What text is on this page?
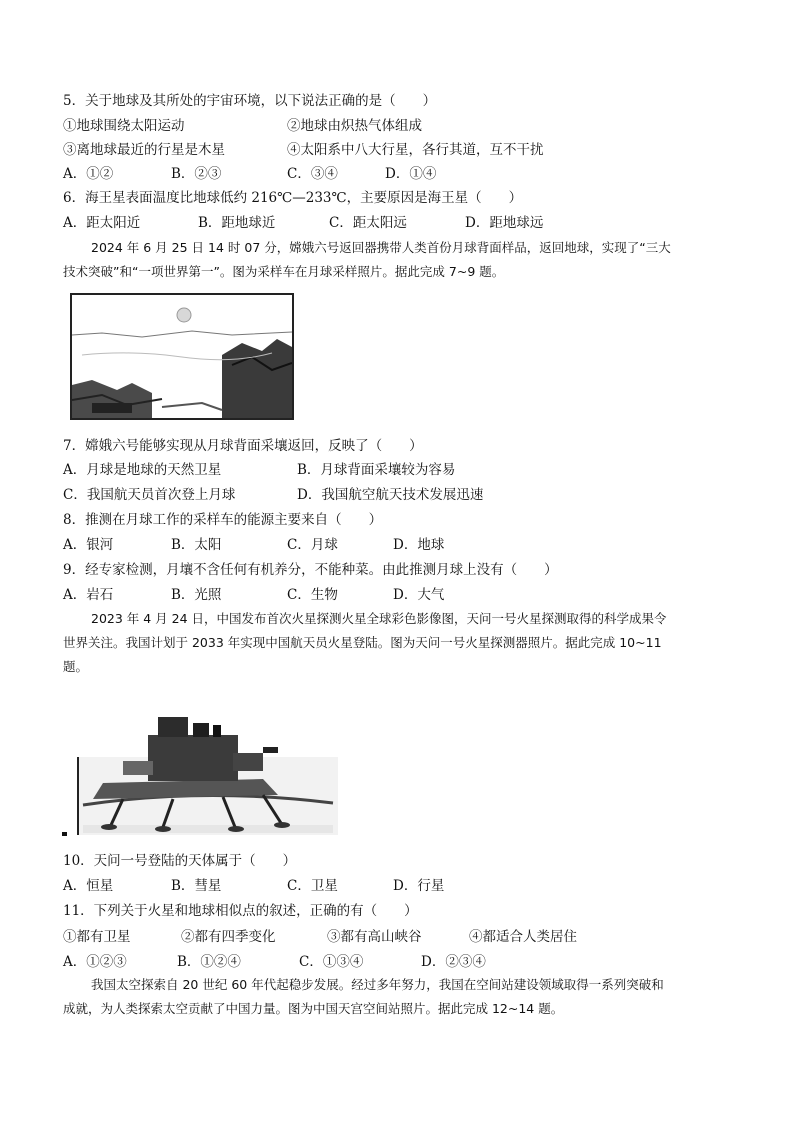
5．关于地球及其所处的宇宙环境，以下说法正确的是（　　）
①地球围绕太阳运动	②地球由炽热气体组成
③离地球最近的行星是木星	④太阳系中八大行星，各行其道，互不干扰
A．①②	B．②③	C．③④	D．①④
6．海王星表面温度比地球低约 216℃—233℃，主要原因是海王星（　　）
A．距太阳近	B．距地球近	C．距太阳远	D．距地球远
2024 年 6 月 25 日 14 时 07 分，嫦娥六号返回器携带人类首份月球背面样品，返回地球，实现了“三大
技术突破”和“一项世界第一”。图为采样车在月球采样照片。据此完成 7~9 题。
7．嫦娥六号能够实现从月球背面采壤返回，反映了（　　）
A．月球是地球的天然卫星	B．月球背面采壤较为容易
C．我国航天员首次登上月球	D．我国航空航天技术发展迅速
8．推测在月球工作的采样车的能源主要来自（　　）
A．银河	B．太阳	C．月球	D．地球
9．经专家检测，月壤不含任何有机养分，不能种菜。由此推测月球上没有（　　）
A．岩石	B．光照	C．生物	D．大气
2023 年 4 月 24 日，中国发布首次火星探测火星全球彩色影像图，天问一号火星探测取得的科学成果令
世界关注。我国计划于 2033 年实现中国航天员火星登陆。图为天问一号火星探测器照片。据此完成 10~11
题。
10．天问一号登陆的天体属于（　　）
A．恒星	B．彗星	C．卫星	D．行星
11．下列关于火星和地球相似点的叙述，正确的有（　　）
①都有卫星	②都有四季变化	③都有高山峡谷	④都适合人类居住
A．①②③	B．①②④	C．①③④	D．②③④
我国太空探索自 20 世纪 60 年代起稳步发展。经过多年努力，我国在空间站建设领域取得一系列突破和
成就，为人类探索太空贡献了中国力量。图为中国天宫空间站照片。据此完成 12~14 题。
